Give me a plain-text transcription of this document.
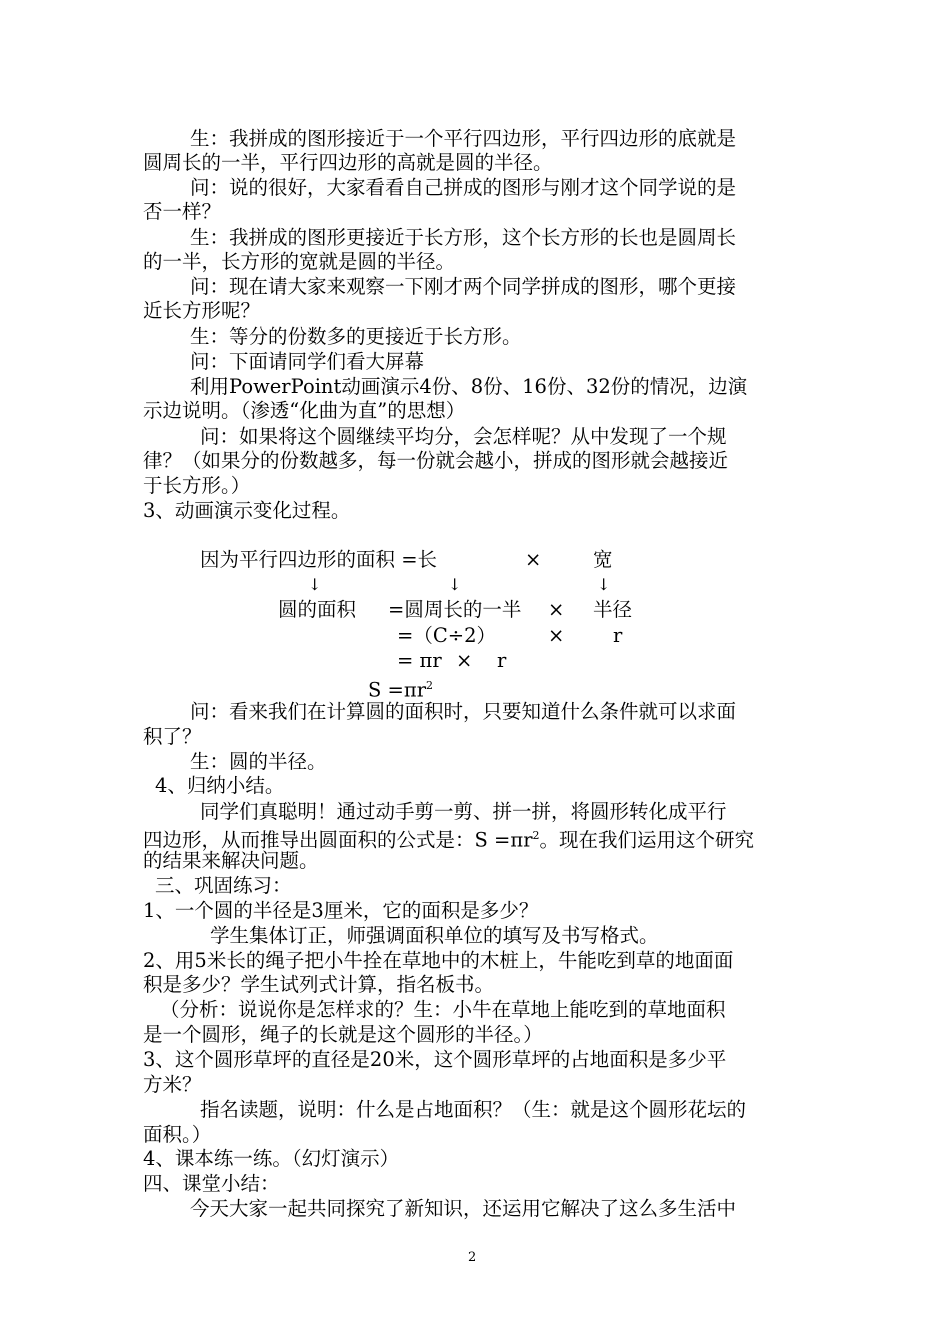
生：我拼成的图形接近于一个平行四边形，平行四边形的底就是
圆周长的一半，平行四边形的高就是圆的半径。
问：说的很好，大家看看自己拼成的图形与刚才这个同学说的是
否一样？
生：我拼成的图形更接近于长方形，这个长方形的长也是圆周长
的一半，长方形的宽就是圆的半径。
问：现在请大家来观察一下刚才两个同学拼成的图形，哪个更接
近长方形呢？
生：等分的份数多的更接近于长方形。
问：下面请同学们看大屏幕
利用PowerPoint动画演示4份、8份、16份、32份的情况，边演
示边说明。（渗透“化曲为直”的思想）
问：如果将这个圆继续平均分，会怎样呢？从中发现了一个规
律？（如果分的份数越多，每一份就会越小，拼成的图形就会越接近
于长方形。）
3、动画演示变化过程。
因为平行四边形的面积 =长	×	宽
↓	↓	↓
圆的面积 =圆周长的一半 × 半径
=（C÷2）	× r
= πr × r
$S =\pi r^2$
问：看来我们在计算圆的面积时，只要知道什么条件就可以求面
积了？
生：圆的半径。
4、归纳小结。
同学们真聪明！通过动手剪一剪、拼一拼，将圆形转化成平行
四边形，从而推导出圆面积的公式是：$S =\pi r^2$。现在我们运用这个研究
的结果来解决问题。
三、巩固练习：
1、一个圆的半径是3厘米，它的面积是多少？
学生集体订正，师强调面积单位的填写及书写格式。
2、用5米长的绳子把小牛拴在草地中的木桩上，牛能吃到草的地面面
积是多少？学生试列式计算，指名板书。
（分析：说说你是怎样求的？生：小牛在草地上能吃到的草地面积
是一个圆形，绳子的长就是这个圆形的半径。）
3、这个圆形草坪的直径是20米，这个圆形草坪的占地面积是多少平
方米？
指名读题，说明：什么是占地面积？（生：就是这个圆形花坛的
面积。）
4、课本练一练。（幻灯演示）
四、课堂小结：
今天大家一起共同探究了新知识，还运用它解决了这么多生活中
2
